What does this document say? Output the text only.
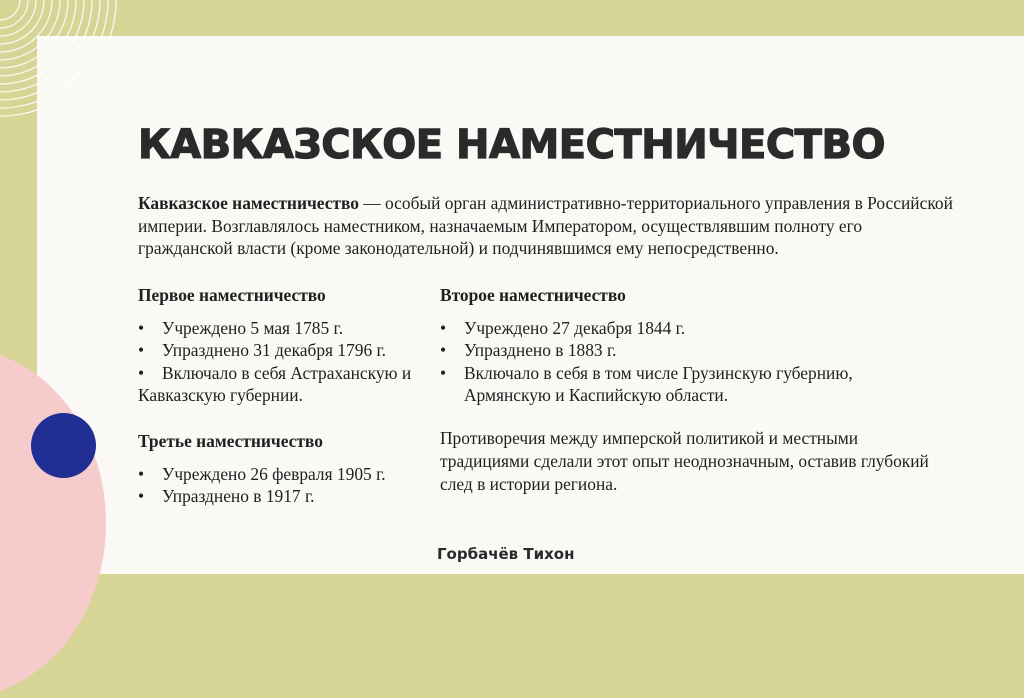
КАВКАЗСКОЕ НАМЕСТНИЧЕСТВО

Кавказское наместничество — особый орган административно-территориального управления в Российской империи. Возглавлялось наместником, назначаемым Императором, осуществлявшим полноту его гражданской власти (кроме законодательной) и подчинявшимся ему непосредственно.

Первое наместничество
• Учреждено 5 мая 1785 г.
• Упразднено 31 декабря 1796 г.
• Включало в себя Астраханскую и Кавказскую губернии.
Второе наместничество
• Учреждено 27 декабря 1844 г.
• Упразднено в 1883 г.
• Включало в себя в том числе Грузинскую губернию, Армянскую и Каспийскую области.
Третье наместничество
• Учреждено 26 февраля 1905 г.
• Упразднено в 1917 г.

Противоречия между имперской политикой и местными традициями сделали этот опыт неоднозначным, оставив глубокий след в истории региона.

Горбачёв Тихон
